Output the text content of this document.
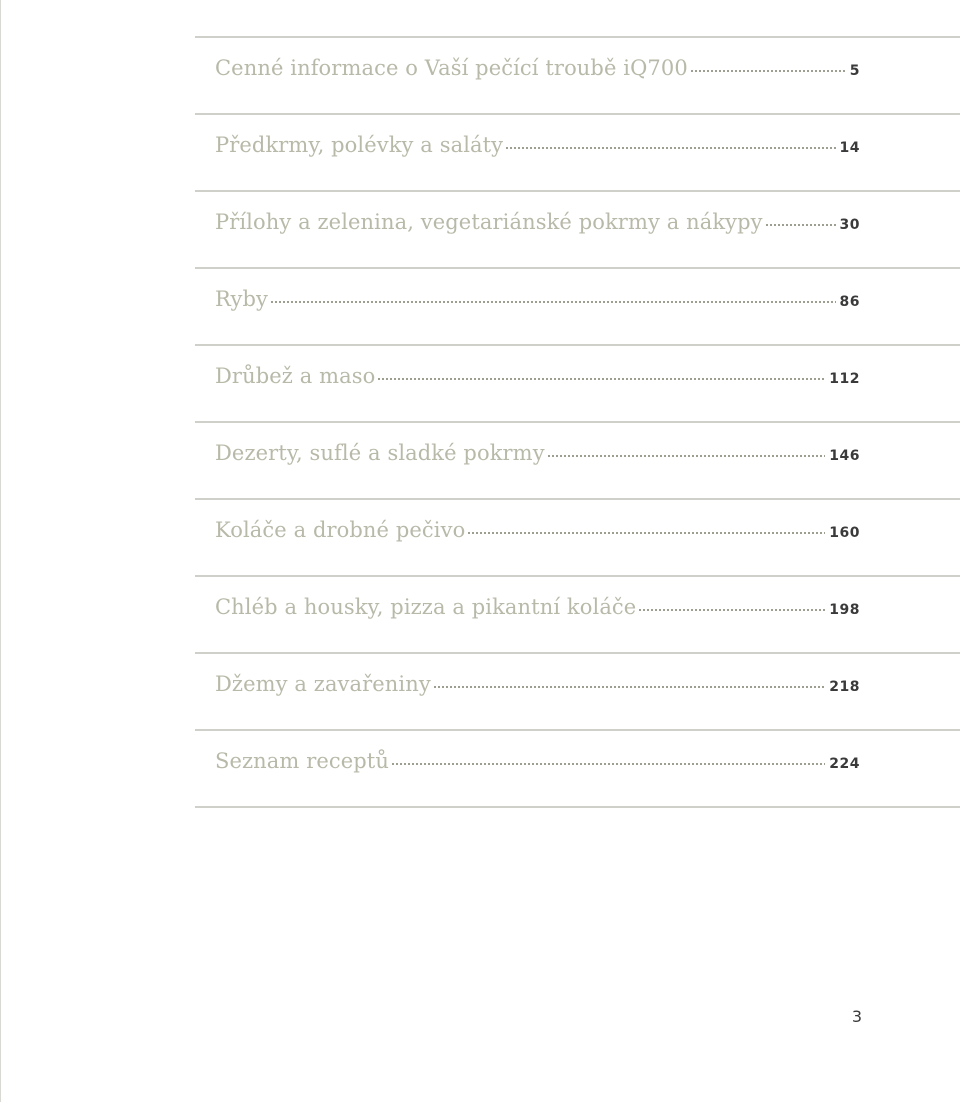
Cenné informace o Vaší pečící troubě iQ700	5
Předkrmy, polévky a saláty	14
Přílohy a zelenina, vegetariánské pokrmy a nákypy	30
Ryby	86
Drůbež a maso	112
Dezerty, suflé a sladké pokrmy	146
Koláče a drobné pečivo	160
Chléb a housky, pizza a pikantní koláče	198
Džemy a zavařeniny	218
Seznam receptů	224
3
